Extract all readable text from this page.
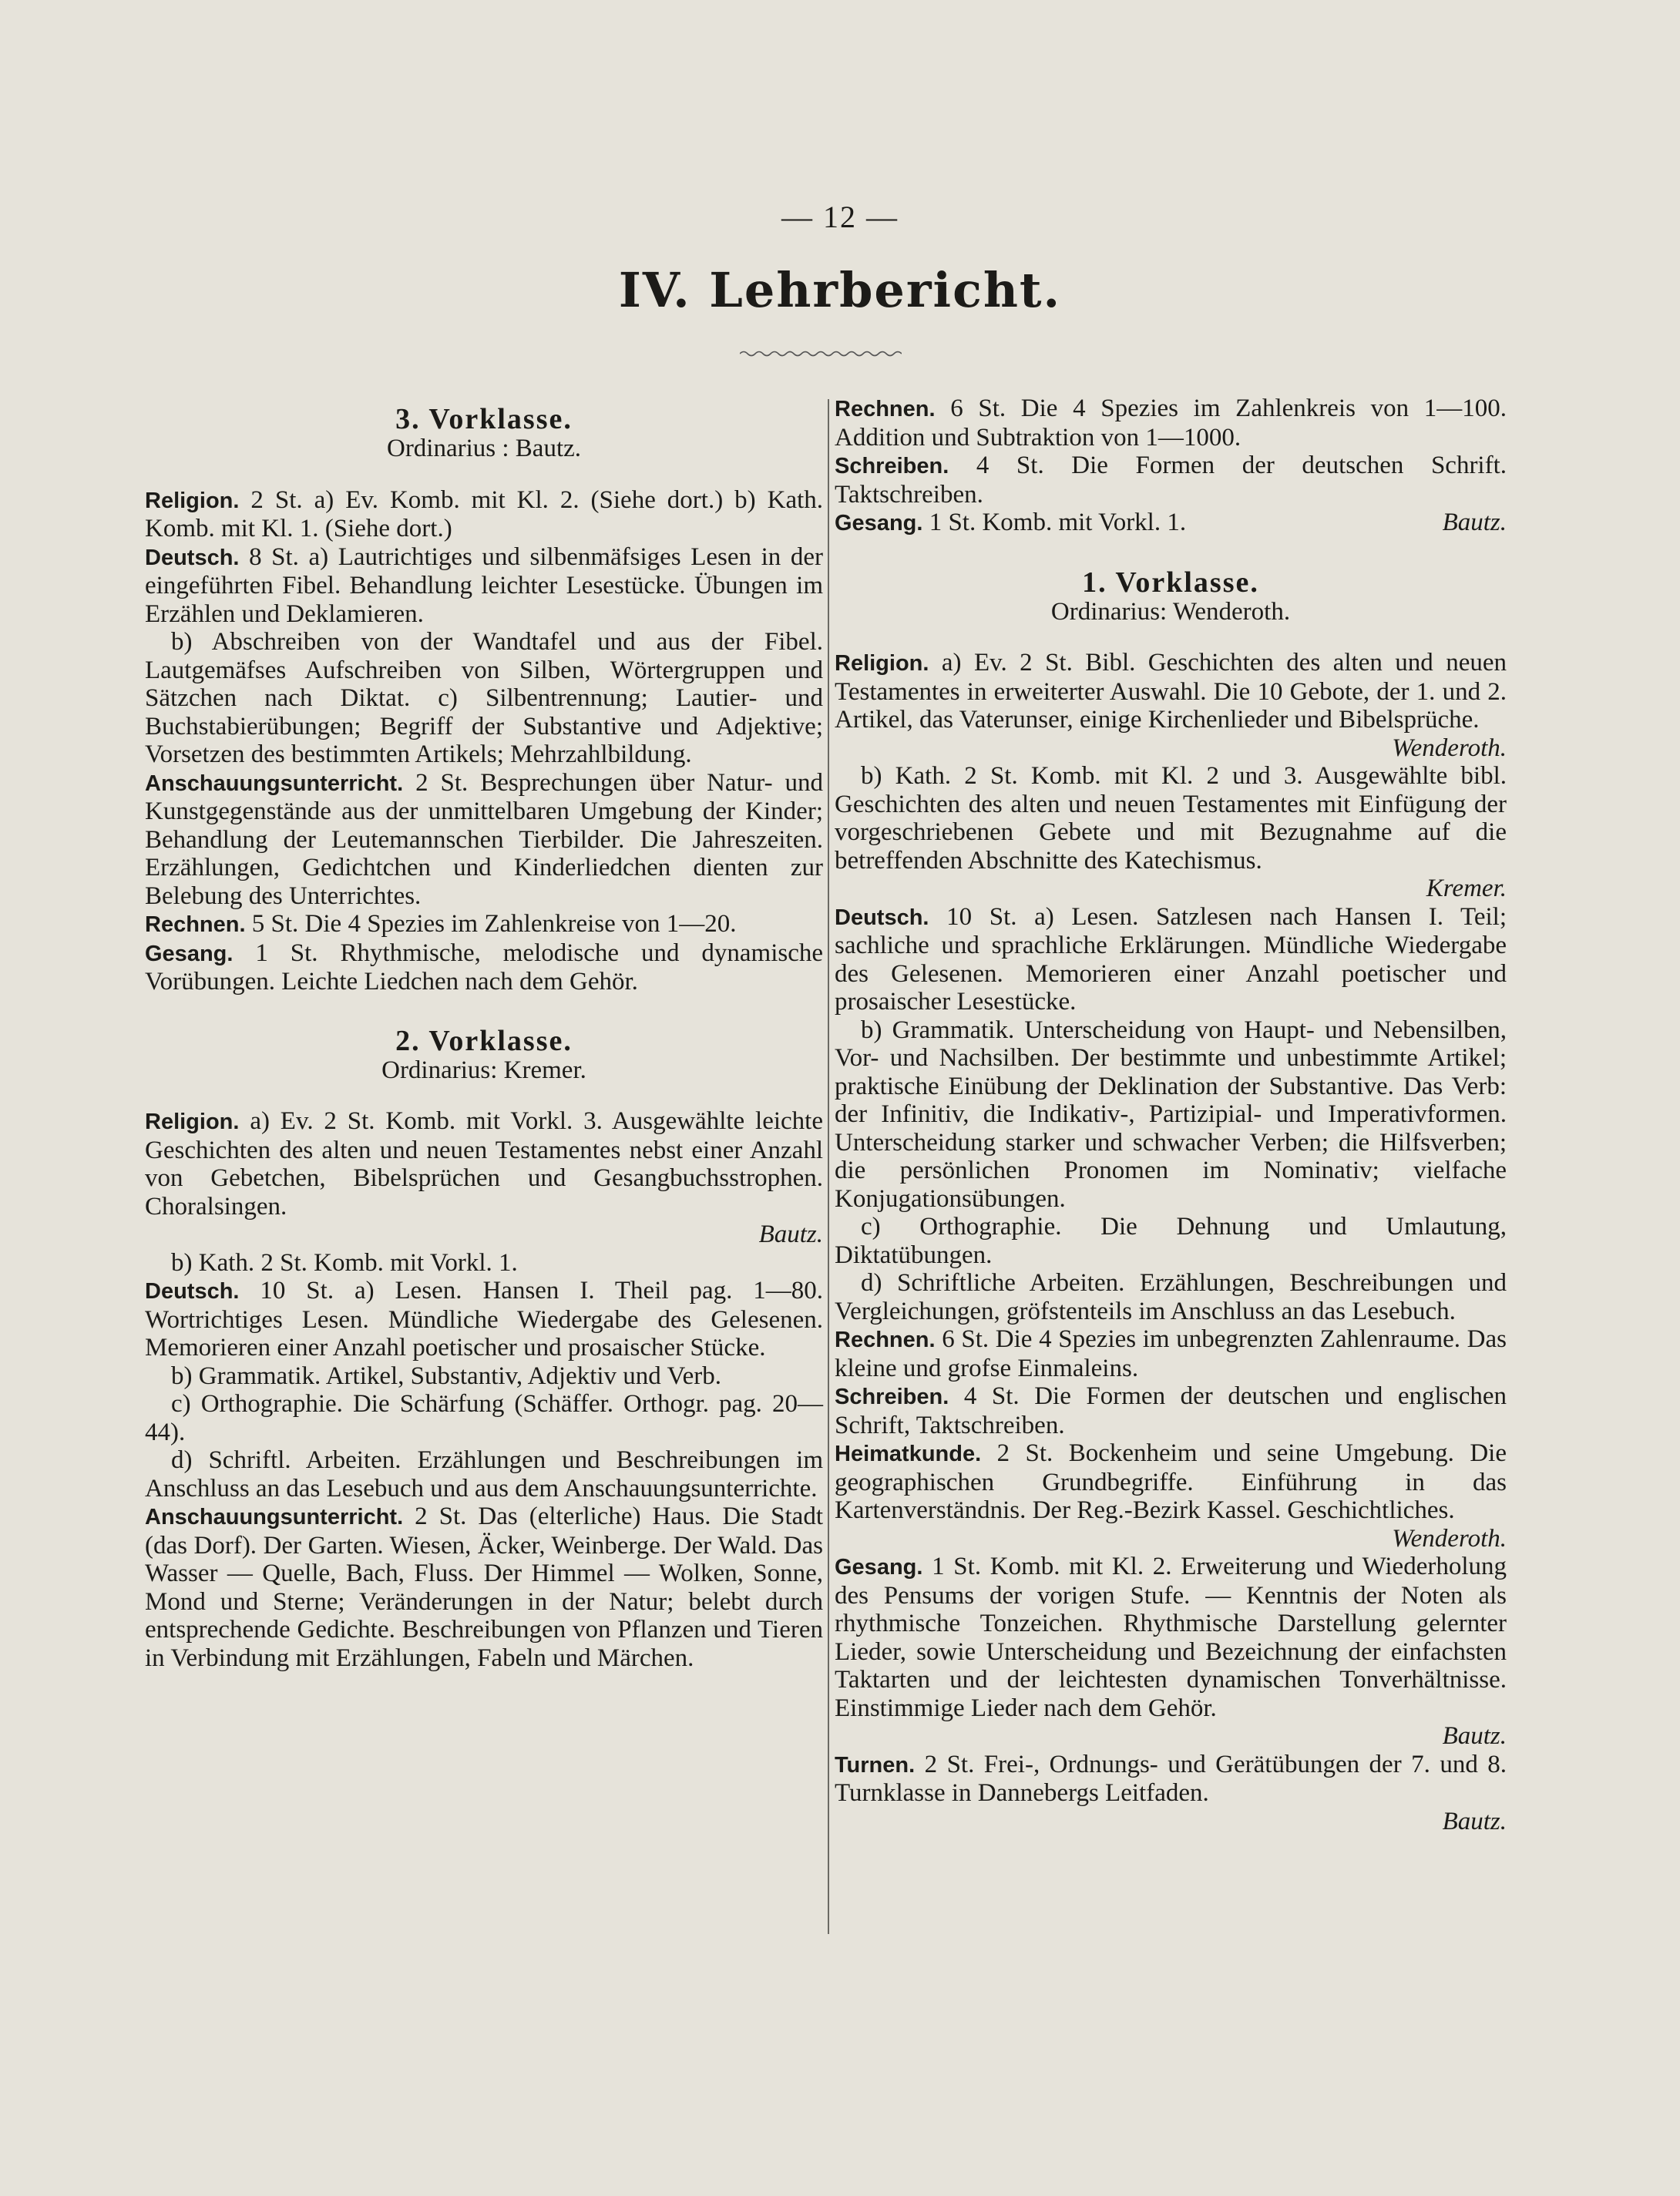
— 12 —
IV. Lehrbericht.
3. Vorklasse.
Ordinarius : Bautz.

Religion. 2 St. a) Ev. Komb. mit Kl. 2. (Siehe dort.) b) Kath. Komb. mit Kl. 1. (Siehe dort.)

Deutsch. 8 St. a) Lautrichtiges und silbenmäfsiges Lesen in der eingeführten Fibel. Behandlung leichter Lesestücke. Übungen im Erzählen und Deklamieren.

b) Abschreiben von der Wandtafel und aus der Fibel. Lautgemäfses Aufschreiben von Silben, Wörtergruppen und Sätzchen nach Diktat. c) Silbentrennung; Lautier- und Buchstabierübungen; Begriff der Substantive und Adjektive; Vorsetzen des bestimmten Artikels; Mehrzahlbildung.

Anschauungsunterricht. 2 St. Besprechungen über Natur- und Kunstgegenstände aus der unmittelbaren Umgebung der Kinder; Behandlung der Leutemannschen Tierbilder. Die Jahreszeiten. Erzählungen, Gedichtchen und Kinderliedchen dienten zur Belebung des Unterrichtes.

Rechnen. 5 St. Die 4 Spezies im Zahlenkreise von 1—20.

Gesang. 1 St. Rhythmische, melodische und dynamische Vorübungen. Leichte Liedchen nach dem Gehör.

2. Vorklasse.
Ordinarius: Kremer.

Religion. a) Ev. 2 St. Komb. mit Vorkl. 3. Ausgewählte leichte Geschichten des alten und neuen Testamentes nebst einer Anzahl von Gebetchen, Bibelsprüchen und Gesangbuchsstrophen. Choralsingen.
Bautz.

b) Kath. 2 St. Komb. mit Vorkl. 1.

Deutsch. 10 St. a) Lesen. Hansen I. Theil pag. 1—80. Wortrichtiges Lesen. Mündliche Wiedergabe des Gelesenen. Memorieren einer Anzahl poetischer und prosaischer Stücke.

b) Grammatik. Artikel, Substantiv, Adjektiv und Verb.

c) Orthographie. Die Schärfung (Schäffer. Orthogr. pag. 20—44).

d) Schriftl. Arbeiten. Erzählungen und Beschreibungen im Anschluss an das Lesebuch und aus dem Anschauungsunterrichte.

Anschauungsunterricht. 2 St. Das (elterliche) Haus. Die Stadt (das Dorf). Der Garten. Wiesen, Äcker, Weinberge. Der Wald. Das Wasser — Quelle, Bach, Fluss. Der Himmel — Wolken, Sonne, Mond und Sterne; Veränderungen in der Natur; belebt durch entsprechende Gedichte. Beschreibungen von Pflanzen und Tieren in Verbindung mit Erzählungen, Fabeln und Märchen.

Rechnen. 6 St. Die 4 Spezies im Zahlenkreis von 1—100. Addition und Subtraktion von 1—1000.

Schreiben. 4 St. Die Formen der deutschen Schrift. Taktschreiben.

Gesang. 1 St. Komb. mit Vorkl. 1.	Bautz.

1. Vorklasse.
Ordinarius: Wenderoth.

Religion. a) Ev. 2 St. Bibl. Geschichten des alten und neuen Testamentes in erweiterter Auswahl. Die 10 Gebote, der 1. und 2. Artikel, das Vaterunser, einige Kirchenlieder und Bibelsprüche.
Wenderoth.

b) Kath. 2 St. Komb. mit Kl. 2 und 3. Ausgewählte bibl. Geschichten des alten und neuen Testamentes mit Einfügung der vorgeschriebenen Gebete und mit Bezugnahme auf die betreffenden Abschnitte des Katechismus.
Kremer.

Deutsch. 10 St. a) Lesen. Satzlesen nach Hansen I. Teil; sachliche und sprachliche Erklärungen. Mündliche Wiedergabe des Gelesenen. Memorieren einer Anzahl poetischer und prosaischer Lesestücke.

b) Grammatik. Unterscheidung von Haupt- und Nebensilben, Vor- und Nachsilben. Der bestimmte und unbestimmte Artikel; praktische Einübung der Deklination der Substantive. Das Verb: der Infinitiv, die Indikativ-, Partizipial- und Imperativformen. Unterscheidung starker und schwacher Verben; die Hilfsverben; die persönlichen Pronomen im Nominativ; vielfache Konjugationsübungen.

c) Orthographie. Die Dehnung und Umlautung, Diktatübungen.

d) Schriftliche Arbeiten. Erzählungen, Beschreibungen und Vergleichungen, gröfstenteils im Anschluss an das Lesebuch.

Rechnen. 6 St. Die 4 Spezies im unbegrenzten Zahlenraume. Das kleine und grofse Einmaleins.

Schreiben. 4 St. Die Formen der deutschen und englischen Schrift, Taktschreiben.

Heimatkunde. 2 St. Bockenheim und seine Umgebung. Die geographischen Grundbegriffe. Einführung in das Kartenverständnis. Der Reg.-Bezirk Kassel. Geschichtliches.
Wenderoth.

Gesang. 1 St. Komb. mit Kl. 2. Erweiterung und Wiederholung des Pensums der vorigen Stufe. — Kenntnis der Noten als rhythmische Tonzeichen. Rhythmische Darstellung gelernter Lieder, sowie Unterscheidung und Bezeichnung der einfachsten Taktarten und der leichtesten dynamischen Tonverhältnisse. Einstimmige Lieder nach dem Gehör.
Bautz.

Turnen. 2 St. Frei-, Ordnungs- und Gerätübungen der 7. und 8. Turnklasse in Dannebergs Leitfaden.
Bautz.
